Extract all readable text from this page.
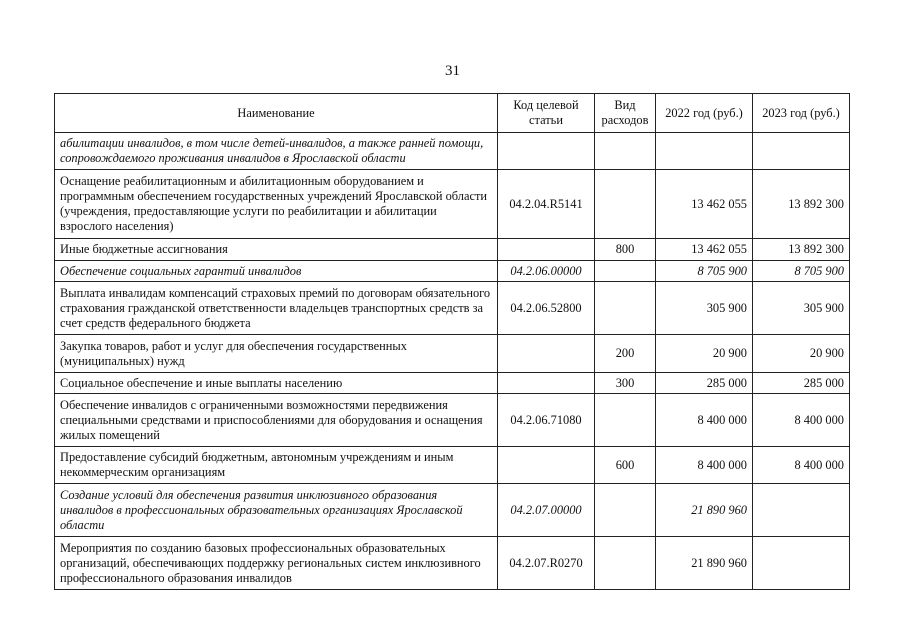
31
Наименование	Код целевой статьи	Вид расходов	2022 год (руб.)	2023 год (руб.)
абилитации инвалидов, в том числе детей-инвалидов, а также ранней помощи, сопровождаемого проживания инвалидов в Ярославской области				
Оснащение реабилитационным и абилитационным оборудованием и программным обеспечением государственных учреждений Ярославской области (учреждения, предоставляющие услуги по реабилитации и абилитации взрослого населения)	04.2.04.R5141		13 462 055	13 892 300
Иные бюджетные ассигнования		800	13 462 055	13 892 300
Обеспечение социальных гарантий инвалидов	04.2.06.00000		8 705 900	8 705 900
Выплата инвалидам компенсаций страховых премий по договорам обязательного страхования гражданской ответственности владельцев транспортных средств за счет средств федерального бюджета	04.2.06.52800		305 900	305 900
Закупка товаров, работ и услуг для обеспечения государственных (муниципальных) нужд		200	20 900	20 900
Социальное обеспечение и иные выплаты населению		300	285 000	285 000
Обеспечение инвалидов с ограниченными возможностями передвижения специальными средствами и приспособлениями для оборудования и оснащения жилых помещений	04.2.06.71080		8 400 000	8 400 000
Предоставление субсидий бюджетным, автономным учреждениям и иным некоммерческим организациям		600	8 400 000	8 400 000
Создание условий для обеспечения развития инклюзивного образования инвалидов в профессиональных образовательных организациях Ярославской области	04.2.07.00000		21 890 960	
Мероприятия по созданию базовых профессиональных образовательных организаций, обеспечивающих поддержку региональных систем инклюзивного профессионального образования инвалидов	04.2.07.R0270		21 890 960	
